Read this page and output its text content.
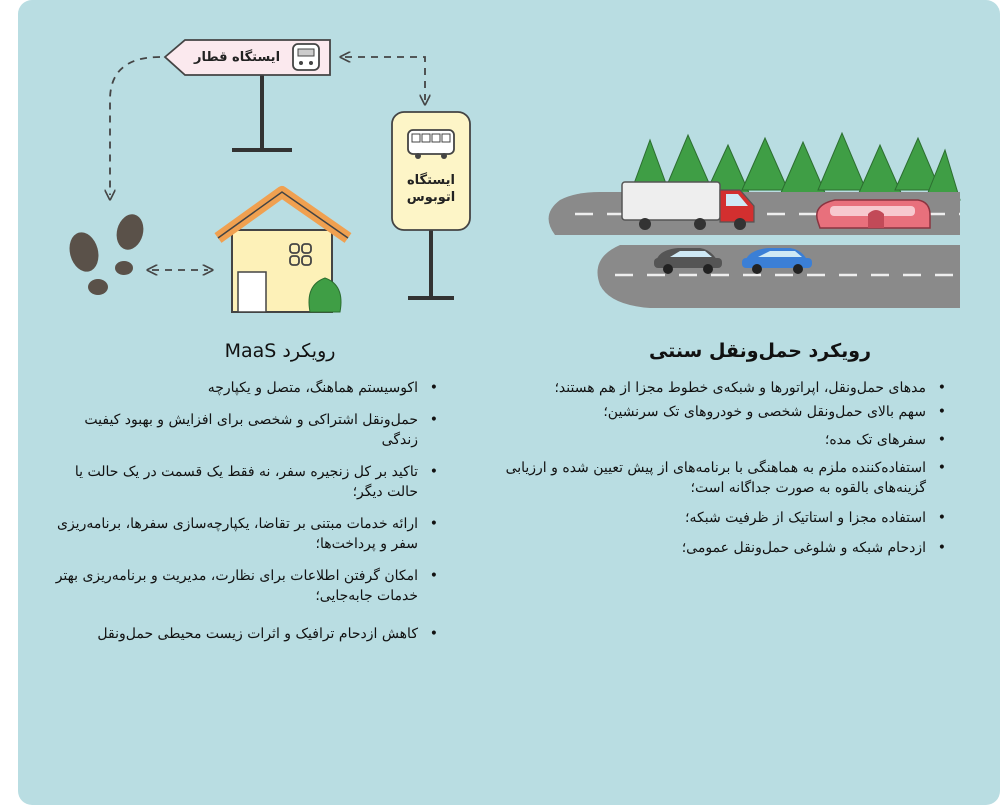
ایستگاه قطار
ایستگاه اتوبوس
رویکرد MaaS
• اکوسیستم هماهنگ، متصل و یکپارچه
• حمل‌ونقل اشتراکی و شخصی برای افزایش و بهبود کیفیت زندگی
• تاکید بر کل زنجیره سفر، نه فقط یک قسمت در یک حالت یا حالت دیگر؛
• ارائه خدمات مبتنی بر تقاضا، یکپارچه‌سازی سفرها، برنامه‌ریزی سفر و پرداخت‌ها؛
• امکان گرفتن اطلاعات برای نظارت، مدیریت و برنامه‌ریزی بهتر خدمات جابه‌جایی؛
• کاهش ازدحام ترافیک و اثرات زیست محیطی حمل‌ونقل
رویکرد حمل‌ونقل سنتی
• مدهای حمل‌ونقل، اپراتورها و شبکه‌ی خطوط مجزا از هم هستند؛
• سهم بالای حمل‌ونقل شخصی و خودروهای تک سرنشین؛
• سفرهای تک مده؛
• استفاده‌کننده ملزم به هماهنگی با برنامه‌های از پیش تعیین شده و ارزیابی گزینه‌های بالقوه به صورت جداگانه است؛
• استفاده مجزا و استاتیک از ظرفیت شبکه؛
• ازدحام شبکه و شلوغی حمل‌ونقل عمومی؛
